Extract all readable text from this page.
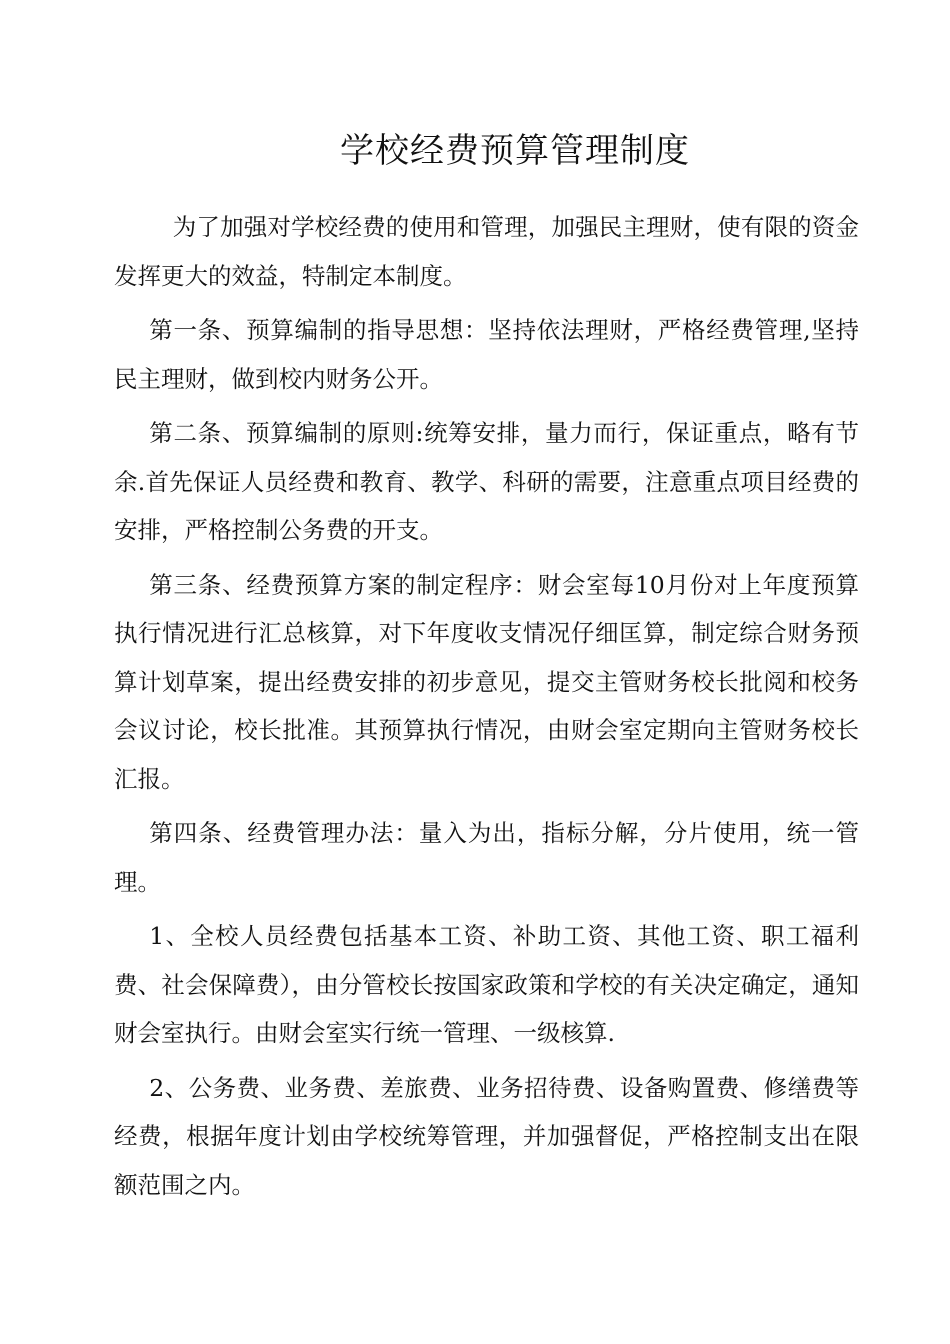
学校经费预算管理制度

为了加强对学校经费的使用和管理，加强民主理财，使有限的资金发挥更大的效益，特制定本制度。

第一条、预算编制的指导思想：坚持依法理财，严格经费管理,坚持民主理财，做到校内财务公开。

第二条、预算编制的原则:统筹安排，量力而行，保证重点，略有节余.首先保证人员经费和教育、教学、科研的需要，注意重点项目经费的安排，严格控制公务费的开支。

第三条、经费预算方案的制定程序：财会室每10月份对上年度预算执行情况进行汇总核算，对下年度收支情况仔细匡算，制定综合财务预算计划草案，提出经费安排的初步意见，提交主管财务校长批阅和校务会议讨论，校长批准。其预算执行情况，由财会室定期向主管财务校长汇报。

第四条、经费管理办法：量入为出，指标分解，分片使用，统一管理。

1、全校人员经费包括基本工资、补助工资、其他工资、职工福利费、社会保障费），由分管校长按国家政策和学校的有关决定确定，通知财会室执行。由财会室实行统一管理、一级核算.

2、公务费、业务费、差旅费、业务招待费、设备购置费、修缮费等经费，根据年度计划由学校统筹管理，并加强督促，严格控制支出在限额范围之内。
